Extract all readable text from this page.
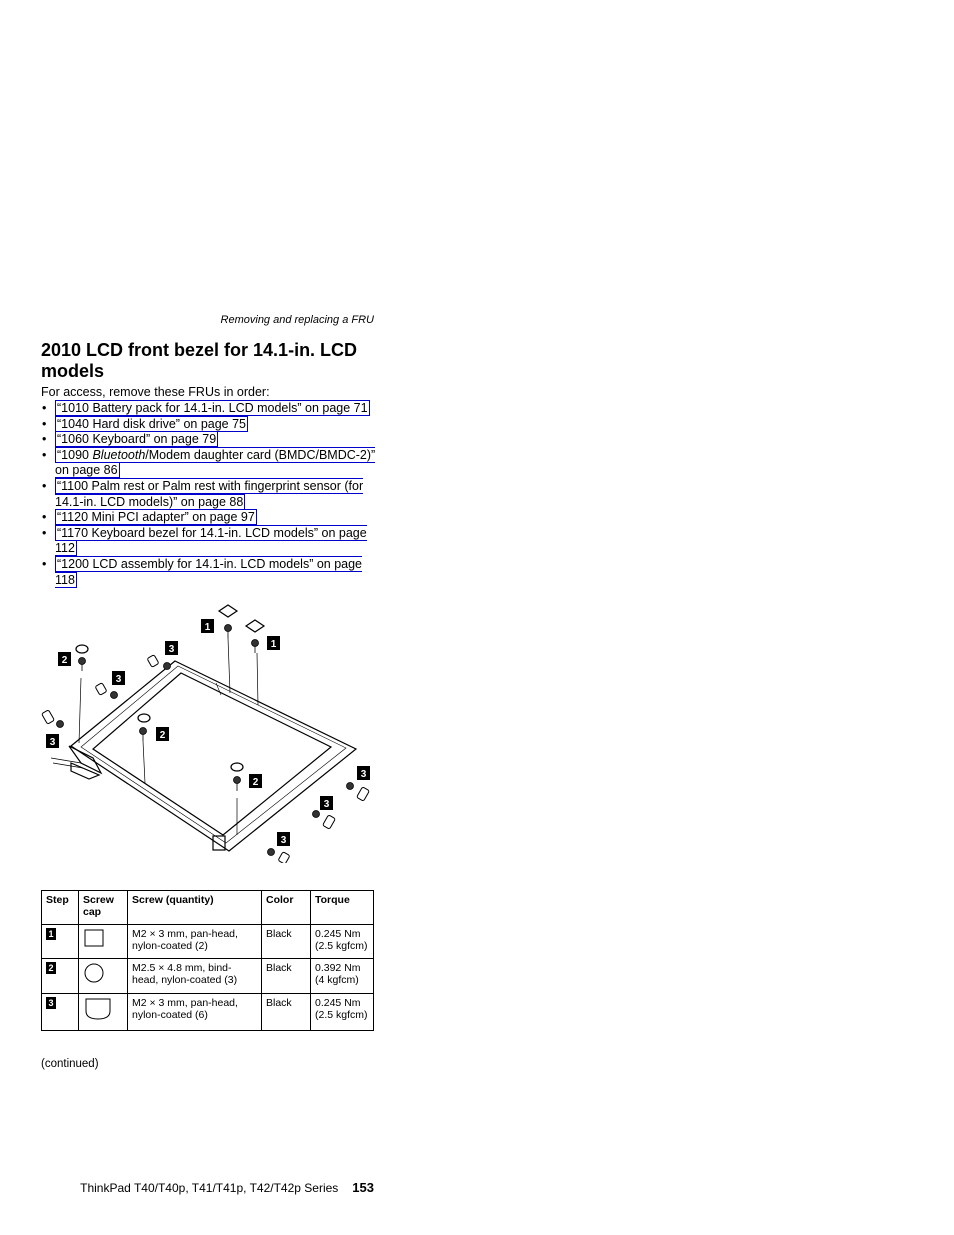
Removing and replacing a FRU
2010 LCD front bezel for 14.1-in. LCD models
For access, remove these FRUs in order:
• “1010 Battery pack for 14.1-in. LCD models” on page 71
• “1040 Hard disk drive” on page 75
• “1060 Keyboard” on page 79
• “1090 Bluetooth/Modem daughter card (BMDC/BMDC-2)” on page 86
• “1100 Palm rest or Palm rest with fingerprint sensor (for 14.1-in. LCD models)” on page 88
• “1120 Mini PCI adapter” on page 97
• “1170 Keyboard bezel for 14.1-in. LCD models” on page 112
• “1200 LCD assembly for 14.1-in. LCD models” on page 118
1
1
2
3
3
3
2
2
3
3
3
Step	Screw cap	Screw (quantity)	Color	Torque
1		M2 × 3 mm, pan-head, nylon-coated (2)	Black	0.245 Nm (2.5 kgfcm)
2		M2.5 × 4.8 mm, bind-head, nylon-coated (3)	Black	0.392 Nm (4 kgfcm)
3		M2 × 3 mm, pan-head, nylon-coated (6)	Black	0.245 Nm (2.5 kgfcm)
(continued)
ThinkPad T40/T40p, T41/T41p, T42/T42p Series 153
